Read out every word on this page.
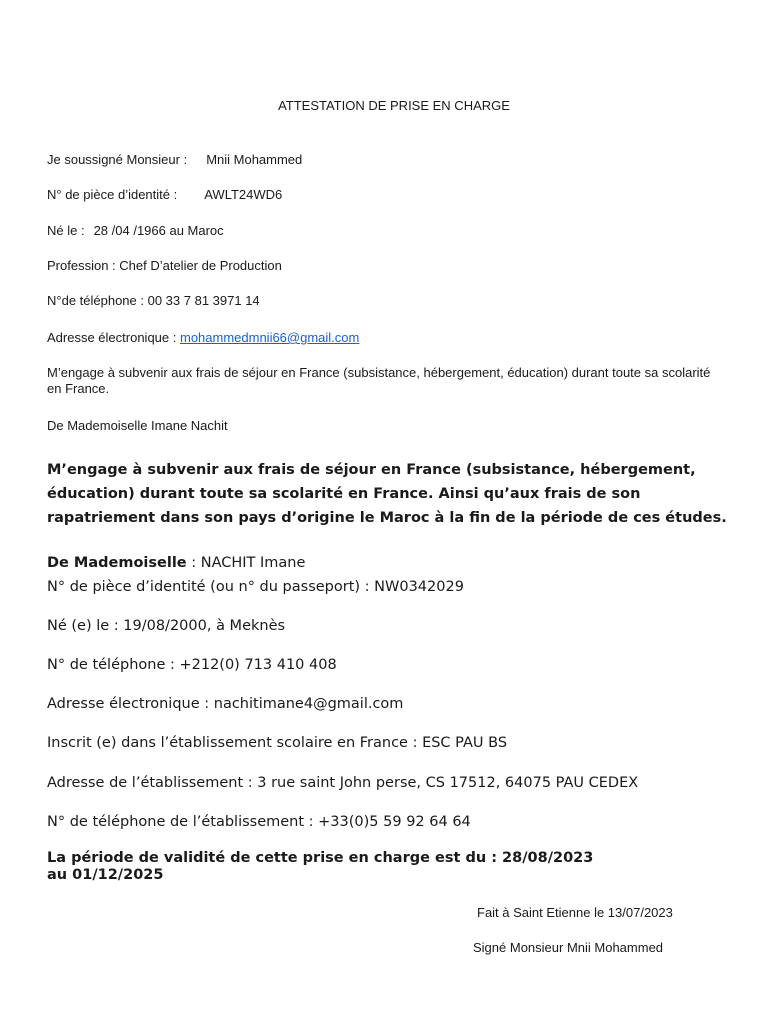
ATTESTATION DE PRISE EN CHARGE
Je soussigné Monsieur : Mnii Mohammed
N° de pièce d’identité : AWLT24WD6
Né le : 28 /04 /1966 au Maroc
Profession : Chef D’atelier de Production
N°de téléphone : 00 33 7 81 3971 14
Adresse électronique : mohammedmnii66@gmail.com
M’engage à subvenir aux frais de séjour en France (subsistance, hébergement, éducation) durant toute sa scolarité en France.
De Mademoiselle Imane Nachit
M’engage à subvenir aux frais de séjour en France (subsistance, hébergement, éducation) durant toute sa scolarité en France. Ainsi qu’aux frais de son rapatriement dans son pays d’origine le Maroc à la fin de la période de ces études.
De Mademoiselle : NACHIT Imane
N° de pièce d’identité (ou n° du passeport) : NW0342029
Né (e) le : 19/08/2000, à Meknès
N° de téléphone : +212(0) 713 410 408
Adresse électronique : nachitimane4@gmail.com
Inscrit (e) dans l’établissement scolaire en France : ESC PAU BS
Adresse de l’établissement : 3 rue saint John perse, CS 17512, 64075 PAU CEDEX
N° de téléphone de l’établissement : +33(0)5 59 92 64 64
La période de validité de cette prise en charge est du : 28/08/2023
au 01/12/2025
Fait à Saint Etienne le 13/07/2023
Signé Monsieur Mnii Mohammed
